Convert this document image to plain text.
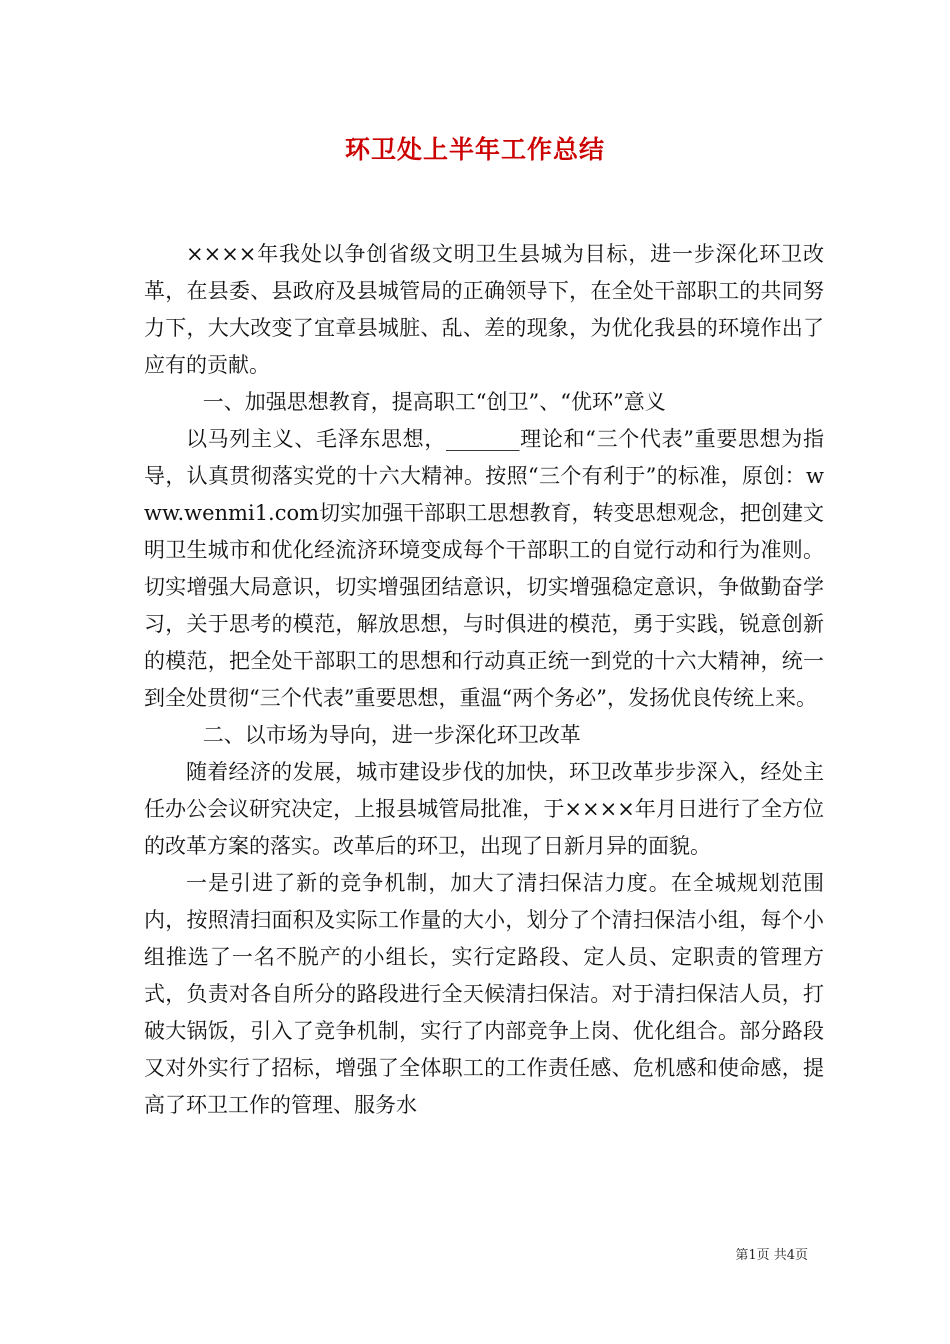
环卫处上半年工作总结

××××年我处以争创省级文明卫生县城为目标，进一步深化环卫改革，在县委、县政府及县城管局的正确领导下，在全处干部职工的共同努力下，大大改变了宜章县城脏、乱、差的现象，为优化我县的环境作出了应有的贡献。

一、加强思想教育，提高职工“创卫”、“优环”意义

以马列主义、毛泽东思想，_______理论和“三个代表”重要思想为指导，认真贯彻落实党的十六大精神。按照“三个有利于”的标准，原创：www.wenmi1.com切实加强干部职工思想教育，转变思想观念，把创建文明卫生城市和优化经流济环境变成每个干部职工的自觉行动和行为准则。切实增强大局意识，切实增强团结意识，切实增强稳定意识，争做勤奋学习，关于思考的模范，解放思想，与时俱进的模范，勇于实践，锐意创新的模范，把全处干部职工的思想和行动真正统一到党的十六大精神，统一到全处贯彻“三个代表”重要思想，重温“两个务必”，发扬优良传统上来。

二、以市场为导向，进一步深化环卫改革

随着经济的发展，城市建设步伐的加快，环卫改革步步深入，经处主任办公会议研究决定，上报县城管局批准，于××××年月日进行了全方位的改革方案的落实。改革后的环卫，出现了日新月异的面貌。

一是引进了新的竞争机制，加大了清扫保洁力度。在全城规划范围内，按照清扫面积及实际工作量的大小，划分了个清扫保洁小组，每个小组推选了一名不脱产的小组长，实行定路段、定人员、定职责的管理方式，负责对各自所分的路段进行全天候清扫保洁。对于清扫保洁人员，打破大锅饭，引入了竞争机制，实行了内部竞争上岗、优化组合。部分路段又对外实行了招标，增强了全体职工的工作责任感、危机感和使命感，提高了环卫工作的管理、服务水

第1页 共4页
